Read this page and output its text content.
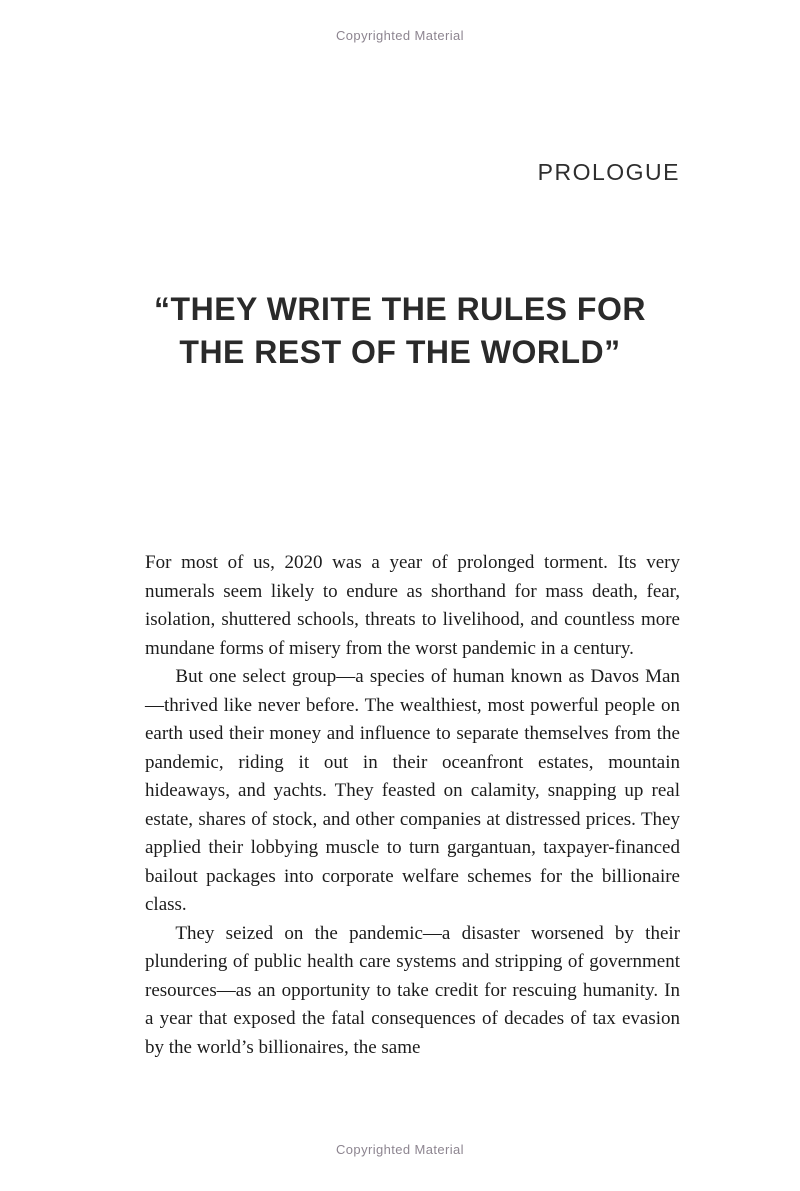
Copyrighted Material
PROLOGUE
“THEY WRITE THE RULES FOR
THE REST OF THE WORLD”

For most of us, 2020 was a year of prolonged torment. Its very numerals seem likely to endure as shorthand for mass death, fear, isolation, shuttered schools, threats to livelihood, and countless more mundane forms of misery from the worst pandemic in a century.

But one select group—a species of human known as Davos Man—thrived like never before. The wealthiest, most powerful people on earth used their money and influence to separate themselves from the pandemic, riding it out in their oceanfront estates, mountain hideaways, and yachts. They feasted on calamity, snapping up real estate, shares of stock, and other companies at distressed prices. They applied their lobbying muscle to turn gargantuan, taxpayer-financed bailout packages into corporate welfare schemes for the billionaire class.

They seized on the pandemic—a disaster worsened by their plundering of public health care systems and stripping of government resources—as an opportunity to take credit for rescuing humanity. In a year that exposed the fatal consequences of decades of tax evasion by the world’s billionaires, the same

Copyrighted Material
